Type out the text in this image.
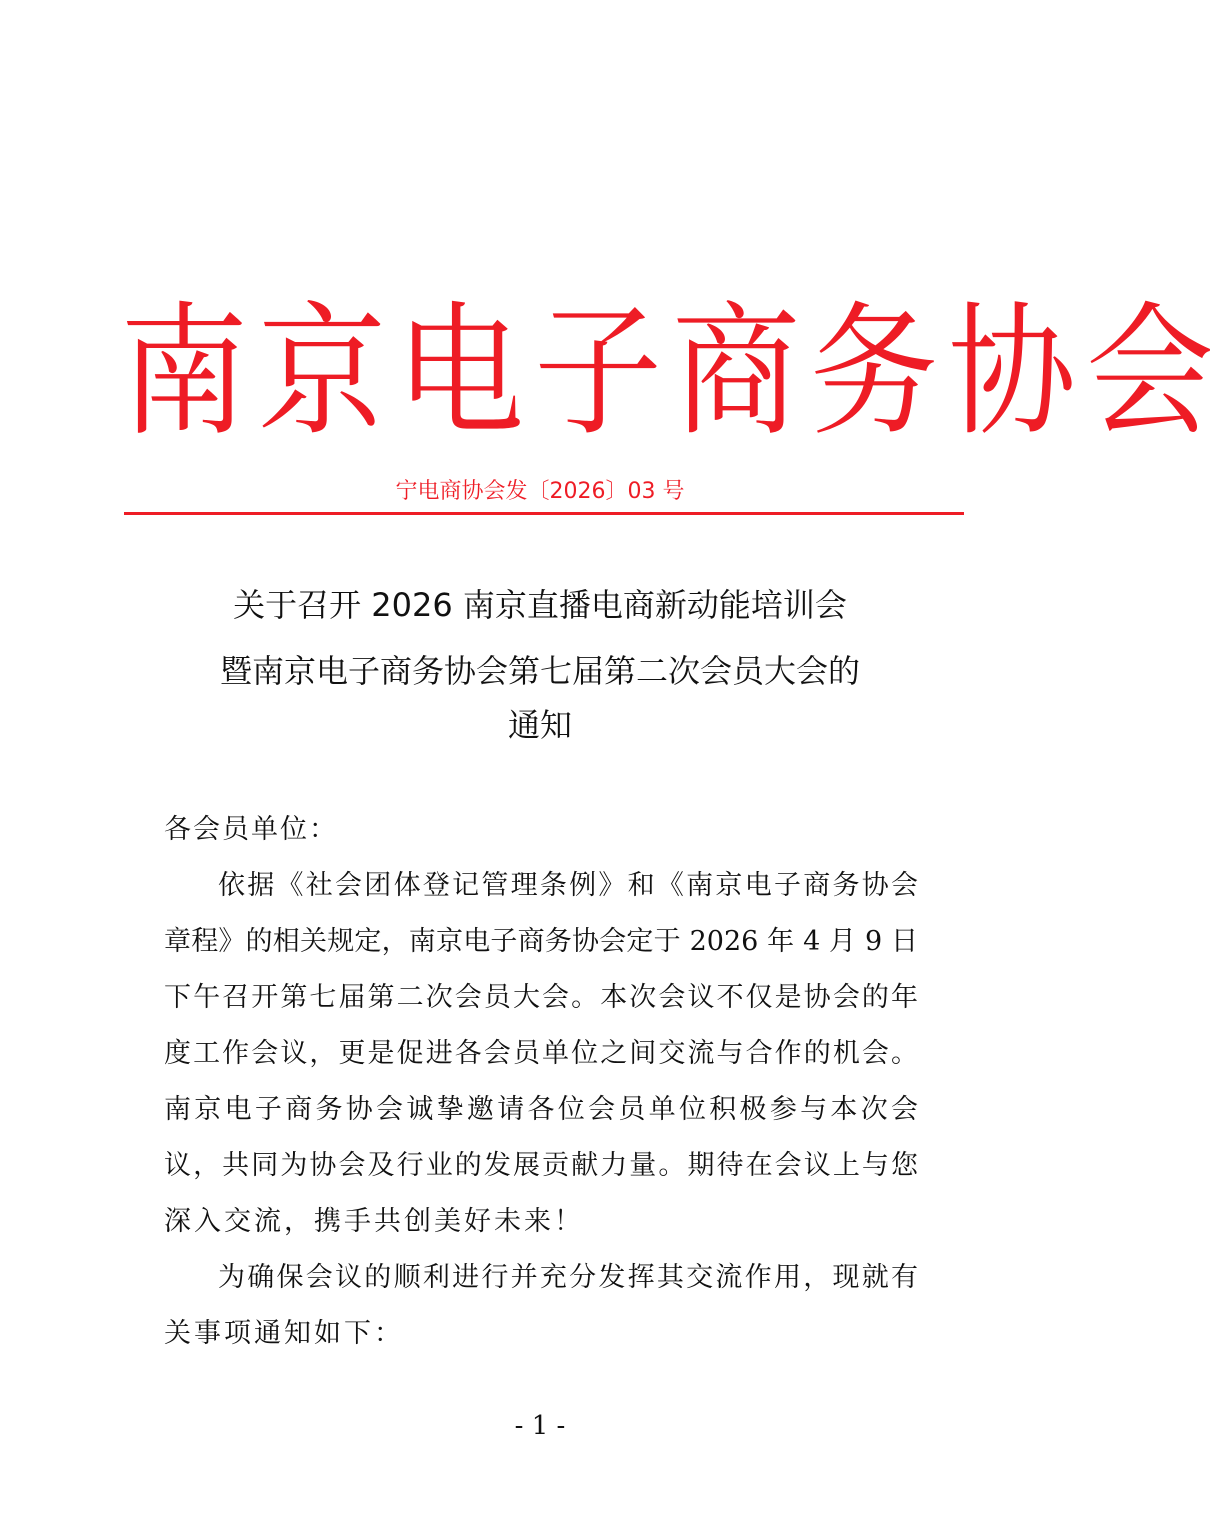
南京电子商务协会
宁电商协会发〔2026〕03 号
关于召开 2026 南京直播电商新动能培训会
暨南京电子商务协会第七届第二次会员大会的
通知
各会员单位：
依据《社会团体登记管理条例》和《南京电子商务协会
章程》的相关规定，南京电子商务协会定于 2026 年 4 月 9 日
下午召开第七届第二次会员大会。本次会议不仅是协会的年
度工作会议，更是促进各会员单位之间交流与合作的机会。
南京电子商务协会诚挚邀请各位会员单位积极参与本次会
议，共同为协会及行业的发展贡献力量。期待在会议上与您
深入交流，携手共创美好未来！
为确保会议的顺利进行并充分发挥其交流作用，现就有
关事项通知如下：
- 1 -
